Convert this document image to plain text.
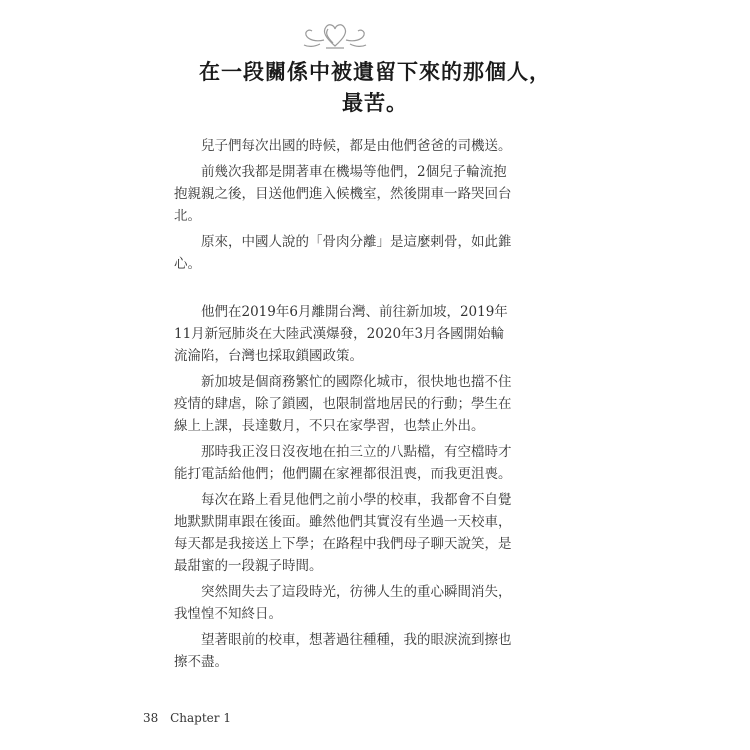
在一段關係中被遺留下來的那個人，
最苦。

兒子們每次出國的時候，都是由他們爸爸的司機送。

前幾次我都是開著車在機場等他們，2個兒子輪流抱抱親親之後，目送他們進入候機室，然後開車一路哭回台北。

原來，中國人說的「骨肉分離」是這麼剌骨，如此錐心。

他們在2019年6月離開台灣、前往新加坡，2019年11月新冠肺炎在大陸武漢爆發，2020年3月各國開始輪流淪陷，台灣也採取鎖國政策。

新加坡是個商務繁忙的國際化城市，很快地也擋不住疫情的肆虐，除了鎖國，也限制當地居民的行動；學生在線上上課，長達數月，不只在家學習，也禁止外出。

那時我正沒日沒夜地在拍三立的八點檔，有空檔時才能打電話給他們；他們關在家裡都很沮喪，而我更沮喪。

每次在路上看見他們之前小學的校車，我都會不自覺地默默開車跟在後面。雖然他們其實沒有坐過一天校車，每天都是我接送上下學；在路程中我們母子聊天說笑，是最甜蜜的一段親子時間。

突然間失去了這段時光，彷彿人生的重心瞬間消失，我惶惶不知終日。

望著眼前的校車，想著過往種種，我的眼淚流到擦也擦不盡。

38 Chapter 1
